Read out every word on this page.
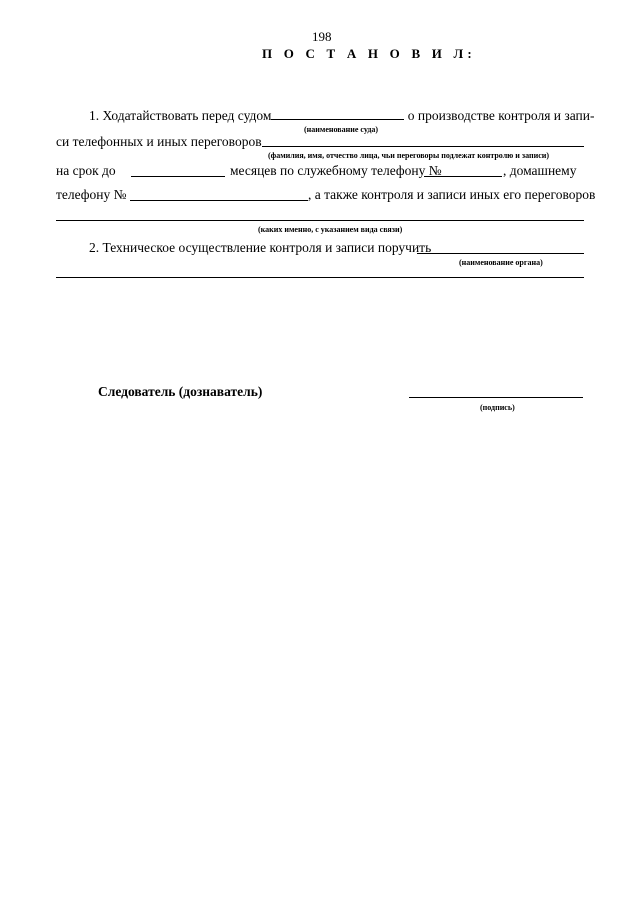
198
П О С Т А Н О В И Л:
1. Ходатайствовать перед судом	о производстве контроля и запи-
(наименование суда)
си телефонных и иных переговоров
(фамилия, имя, отчество лица, чьи переговоры подлежат контролю и записи)
на срок до	месяцев по служебному телефону №	, домашнему
телефону №	, а также контроля и записи иных его переговоров
(каких именно, с указанием вида связи)
2. Техническое осуществление контроля и записи поручить
(наименование органа)
Следователь (дознаватель)
(подпись)
